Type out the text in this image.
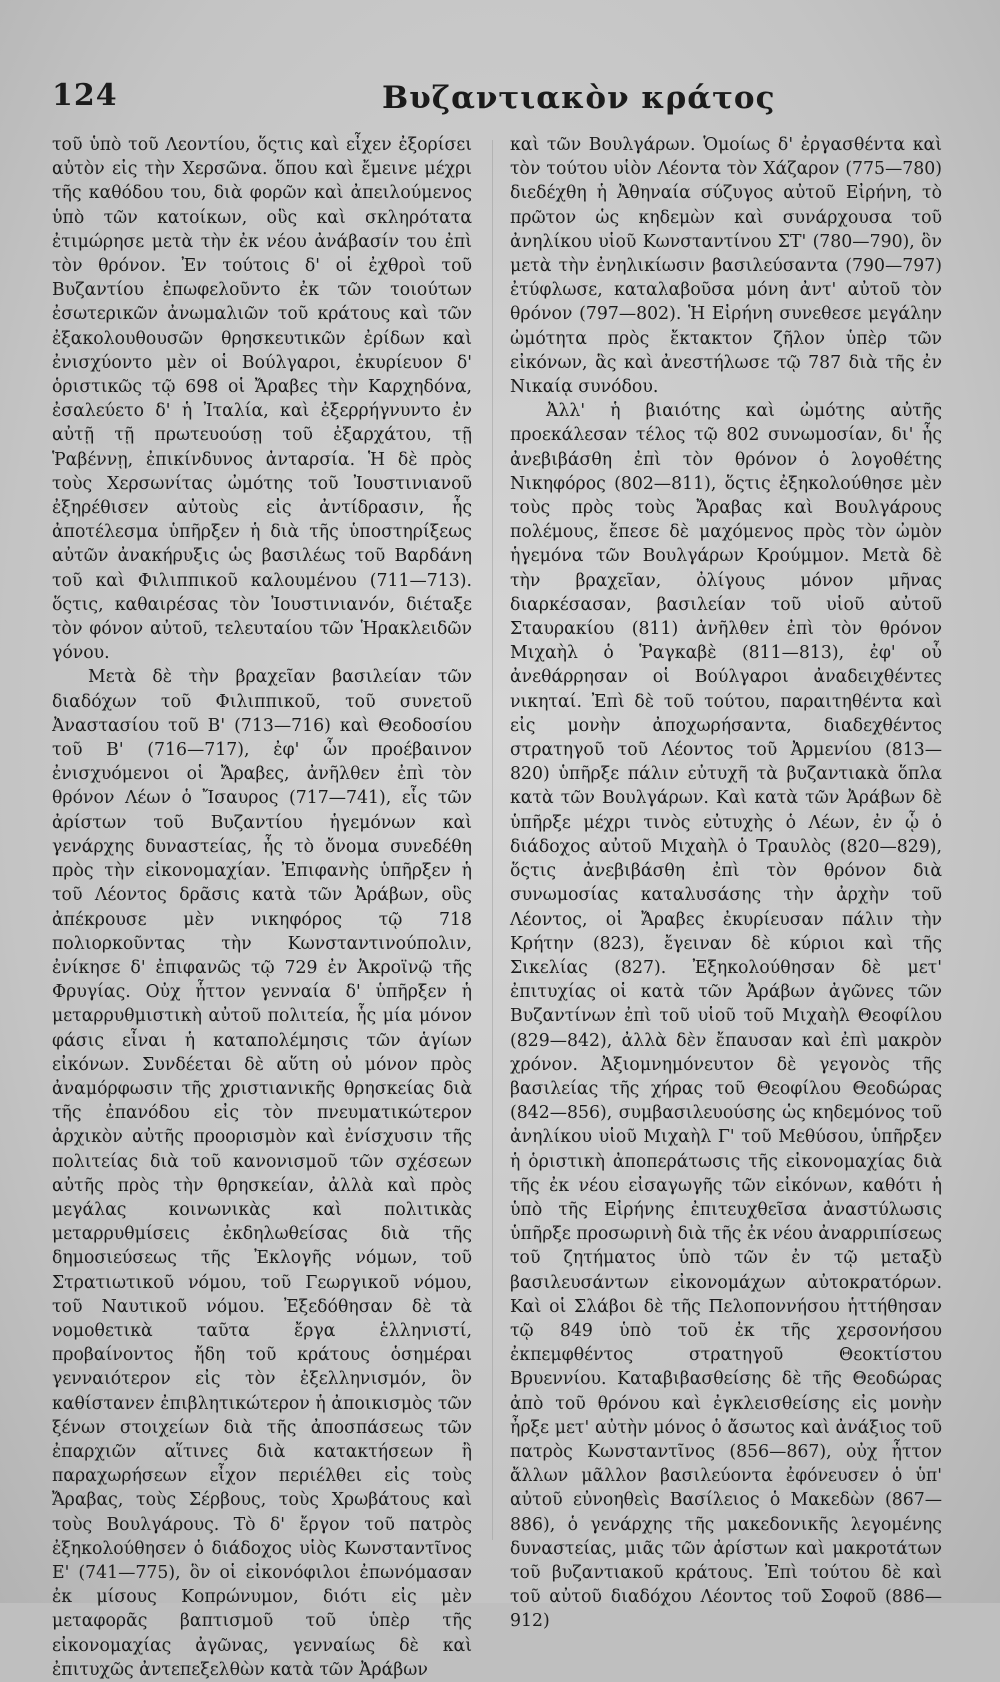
124	Βυζαντιακὸν κράτος

τοῦ ὑπὸ τοῦ Λεοντίου, ὅςτις καὶ εἶχεν ἐξορίσει αὐτὸν εἰς τὴν Χερσῶνα. ὅπου καὶ ἔμεινε μέχρι τῆς καθόδου του, διὰ φορῶν καὶ ἀπειλούμενος ὑπὸ τῶν κατοίκων, οὓς καὶ σκληρότατα ἐτιμώρησε μετὰ τὴν ἐκ νέου ἀνάβασίν του ἐπὶ τὸν θρόνον. Ἐν τούτοις δ' οἱ ἐχθροὶ τοῦ Βυζαντίου ἐπωφελοῦντο ἐκ τῶν τοιούτων ἐσωτερικῶν ἀνωμαλιῶν τοῦ κράτους καὶ τῶν ἐξακολουθουσῶν θρησκευτικῶν ἐρίδων καὶ ἐνισχύοντο μὲν οἱ Βούλγαροι, ἐκυρίευον δ' ὁριστικῶς τῷ 698 οἱ Ἄραβες τὴν Καρχηδόνα, ἐσαλεύετο δ' ἡ Ἰταλία, καὶ ἐξερρήγνυντο ἐν αὐτῇ τῇ πρωτευούσῃ τοῦ ἐξαρχάτου, τῇ Ῥαβέννῃ, ἐπικίνδυνος ἀνταρσία. Ἡ δὲ πρὸς τοὺς Χερσωνίτας ὠμότης τοῦ Ἰουστινιανοῦ ἐξηρέθισεν αὐτοὺς εἰς ἀντίδρασιν, ἧς ἀποτέλεσμα ὑπῆρξεν ἡ διὰ τῆς ὑποστηρίξεως αὐτῶν ἀνακήρυξις ὡς βασιλέως τοῦ Βαρδάνη τοῦ καὶ Φιλιππικοῦ καλουμένου (711—713). ὅςτις, καθαιρέσας τὸν Ἰουστινιανόν, διέταξε τὸν φόνον αὐτοῦ, τελευταίου τῶν Ἡρακλειδῶν γόνου.

Μετὰ δὲ τὴν βραχεῖαν βασιλείαν τῶν διαδόχων τοῦ Φιλιππικοῦ, τοῦ συνετοῦ Ἀναστασίου τοῦ Β' (713—716) καὶ Θεοδοσίου τοῦ Β' (716—717), ἐφ' ὧν προέβαινον ἐνισχυόμενοι οἱ Ἄραβες, ἀνῆλθεν ἐπὶ τὸν θρόνον Λέων ὁ Ἴσαυρος (717—741), εἷς τῶν ἀρίστων τοῦ Βυζαντίου ἡγεμόνων καὶ γενάρχης δυναστείας, ἧς τὸ ὄνομα συνεδέθη πρὸς τὴν εἰκονομαχίαν. Ἐπιφανὴς ὑπῆρξεν ἡ τοῦ Λέοντος δρᾶσις κατὰ τῶν Ἀράβων, οὓς ἀπέκρουσε μὲν νικηφόρος τῷ 718 πολιορκοῦντας τὴν Κωνσταντινούπολιν, ἐνίκησε δ' ἐπιφανῶς τῷ 729 ἐν Ἀκροϊνῷ τῆς Φρυγίας. Οὐχ ἧττον γενναία δ' ὑπῆρξεν ἡ μεταρρυθμιστικὴ αὐτοῦ πολιτεία, ἧς μία μόνον φάσις εἶναι ἡ καταπολέμησις τῶν ἁγίων εἰκόνων. Συνδέεται δὲ αὕτη οὐ μόνον πρὸς ἀναμόρφωσιν τῆς χριστιανικῆς θρησκείας διὰ τῆς ἐπανόδου εἰς τὸν πνευματικώτερον ἀρχικὸν αὐτῆς προορισμὸν καὶ ἐνίσχυσιν τῆς πολιτείας διὰ τοῦ κανονισμοῦ τῶν σχέσεων αὐτῆς πρὸς τὴν θρησκείαν, ἀλλὰ καὶ πρὸς μεγάλας κοινωνικὰς καὶ πολιτικὰς μεταρρυθμίσεις ἐκδηλωθείσας διὰ τῆς δημοσιεύσεως τῆς Ἐκλογῆς νόμων, τοῦ Στρατιωτικοῦ νόμου, τοῦ Γεωργικοῦ νόμου, τοῦ Ναυτικοῦ νόμου. Ἐξεδόθησαν δὲ τὰ νομοθετικὰ ταῦτα ἔργα ἑλληνιστί, προβαίνοντος ἤδη τοῦ κράτους ὁσημέραι γενναιότερον εἰς τὸν ἐξελληνισμόν, ὃν καθίστανεν ἐπιβλητικώτερον ἡ ἀποικισμὸς τῶν ξένων στοιχείων διὰ τῆς ἀποσπάσεως τῶν ἐπαρχιῶν αἵτινες διὰ κατακτήσεων ἢ παραχωρήσεων εἶχον περιέλθει εἰς τοὺς Ἄραβας, τοὺς Σέρβους, τοὺς Χρωβάτους καὶ τοὺς Βουλγάρους. Τὸ δ' ἔργον τοῦ πατρὸς ἐξηκολούθησεν ὁ διάδοχος υἱὸς Κωνσταντῖνος Ε' (741—775), ὃν οἱ εἰκονόφιλοι ἐπωνόμασαν ἐκ μίσους Κοπρώνυμον, διότι εἰς μὲν μεταφορᾶς βαπτισμοῦ τοῦ ὑπὲρ τῆς εἰκονομαχίας ἀγῶνας, γενναίως δὲ καὶ ἐπιτυχῶς ἀντεπεξελθὼν κατὰ τῶν Ἀράβων

καὶ τῶν Βουλγάρων. Ὁμοίως δ' ἐργασθέντα καὶ τὸν τούτου υἱὸν Λέοντα τὸν Χάζαρον (775—780) διεδέχθη ἡ Ἀθηναία σύζυγος αὐτοῦ Εἰρήνη, τὸ πρῶτον ὡς κηδεμὼν καὶ συνάρχουσα τοῦ ἀνηλίκου υἱοῦ Κωνσταντίνου ΣΤ' (780—790), ὃν μετὰ τὴν ἐνηλικίωσιν βασιλεύσαντα (790—797) ἐτύφλωσε, καταλαβοῦσα μόνη ἀντ' αὐτοῦ τὸν θρόνον (797—802). Ἡ Εἰρήνη συνεθεσε μεγάλην ὠμότητα πρὸς ἔκτακτον ζῆλον ὑπὲρ τῶν εἰκόνων, ἃς καὶ ἀνεστήλωσε τῷ 787 διὰ τῆς ἐν Νικαίᾳ συνόδου.

Ἀλλ' ἡ βιαιότης καὶ ὠμότης αὐτῆς προεκάλεσαν τέλος τῷ 802 συνωμοσίαν, δι' ἧς ἀνεβιβάσθη ἐπὶ τὸν θρόνον ὁ λογοθέτης Νικηφόρος (802—811), ὅςτις ἐξηκολούθησε μὲν τοὺς πρὸς τοὺς Ἄραβας καὶ Βουλγάρους πολέμους, ἔπεσε δὲ μαχόμενος πρὸς τὸν ὠμὸν ἡγεμόνα τῶν Βουλγάρων Κρούμμον. Μετὰ δὲ τὴν βραχεῖαν, ὀλίγους μόνον μῆνας διαρκέσασαν, βασιλείαν τοῦ υἱοῦ αὐτοῦ Σταυρακίου (811) ἀνῆλθεν ἐπὶ τὸν θρόνον Μιχαὴλ ὁ Ῥαγκαβὲ (811—813), ἐφ' οὗ ἀνεθάρρησαν οἱ Βούλγαροι ἀναδειχθέντες νικηταί. Ἐπὶ δὲ τοῦ τούτου, παραιτηθέντα καὶ εἰς μονὴν ἀποχωρήσαντα, διαδεχθέντος στρατηγοῦ τοῦ Λέοντος τοῦ Ἀρμενίου (813—820) ὑπῆρξε πάλιν εὐτυχῆ τὰ βυζαντιακὰ ὅπλα κατὰ τῶν Βουλγάρων. Καὶ κατὰ τῶν Ἀράβων δὲ ὑπῆρξε μέχρι τινὸς εὐτυχὴς ὁ Λέων, ἐν ᾧ ὁ διάδοχος αὐτοῦ Μιχαὴλ ὁ Τραυλὸς (820—829), ὅςτις ἀνεβιβάσθη ἐπὶ τὸν θρόνον διὰ συνωμοσίας καταλυσάσης τὴν ἀρχὴν τοῦ Λέοντος, οἱ Ἄραβες ἐκυρίευσαν πάλιν τὴν Κρήτην (823), ἔγειναν δὲ κύριοι καὶ τῆς Σικελίας (827). Ἐξηκολούθησαν δὲ μετ' ἐπιτυχίας οἱ κατὰ τῶν Ἀράβων ἀγῶνες τῶν Βυζαντίνων ἐπὶ τοῦ υἱοῦ τοῦ Μιχαὴλ Θεοφίλου (829—842), ἀλλὰ δὲν ἔπαυσαν καὶ ἐπὶ μακρὸν χρόνον. Ἀξιομνημόνευτον δὲ γεγονὸς τῆς βασιλείας τῆς χήρας τοῦ Θεοφίλου Θεοδώρας (842—856), συμβασιλευούσης ὡς κηδεμόνος τοῦ ἀνηλίκου υἱοῦ Μιχαὴλ Γ' τοῦ Μεθύσου, ὑπῆρξεν ἡ ὁριστικὴ ἀποπεράτωσις τῆς εἰκονομαχίας διὰ τῆς ἐκ νέου εἰσαγωγῆς τῶν εἰκόνων, καθότι ἡ ὑπὸ τῆς Εἰρήνης ἐπιτευχθεῖσα ἀναστύλωσις ὑπῆρξε προσωρινὴ διὰ τῆς ἐκ νέου ἀναρριπίσεως τοῦ ζητήματος ὑπὸ τῶν ἐν τῷ μεταξὺ βασιλευσάντων εἰκονομάχων αὐτοκρατόρων. Καὶ οἱ Σλάβοι δὲ τῆς Πελοποννήσου ἡττήθησαν τῷ 849 ὑπὸ τοῦ ἐκ τῆς χερσονήσου ἐκπεμφθέντος στρατηγοῦ Θεοκτίστου Βρυεννίου. Καταβιβασθείσης δὲ τῆς Θεοδώρας ἀπὸ τοῦ θρόνου καὶ ἐγκλεισθείσης εἰς μονὴν ἦρξε μετ' αὐτὴν μόνος ὁ ἄσωτος καὶ ἀνάξιος τοῦ πατρὸς Κωνσταντῖνος (856—867), οὐχ ἧττον ἄλλων μᾶλλον βασιλεύοντα ἐφόνευσεν ὁ ὑπ' αὐτοῦ εὐνοηθεὶς Βασίλειος ὁ Μακεδὼν (867—886), ὁ γενάρχης τῆς μακεδονικῆς λεγομένης δυναστείας, μιᾶς τῶν ἀρίστων καὶ μακροτάτων τοῦ βυζαντιακοῦ κράτους. Ἐπὶ τούτου δὲ καὶ τοῦ αὐτοῦ διαδόχου Λέοντος τοῦ Σοφοῦ (886—912)
